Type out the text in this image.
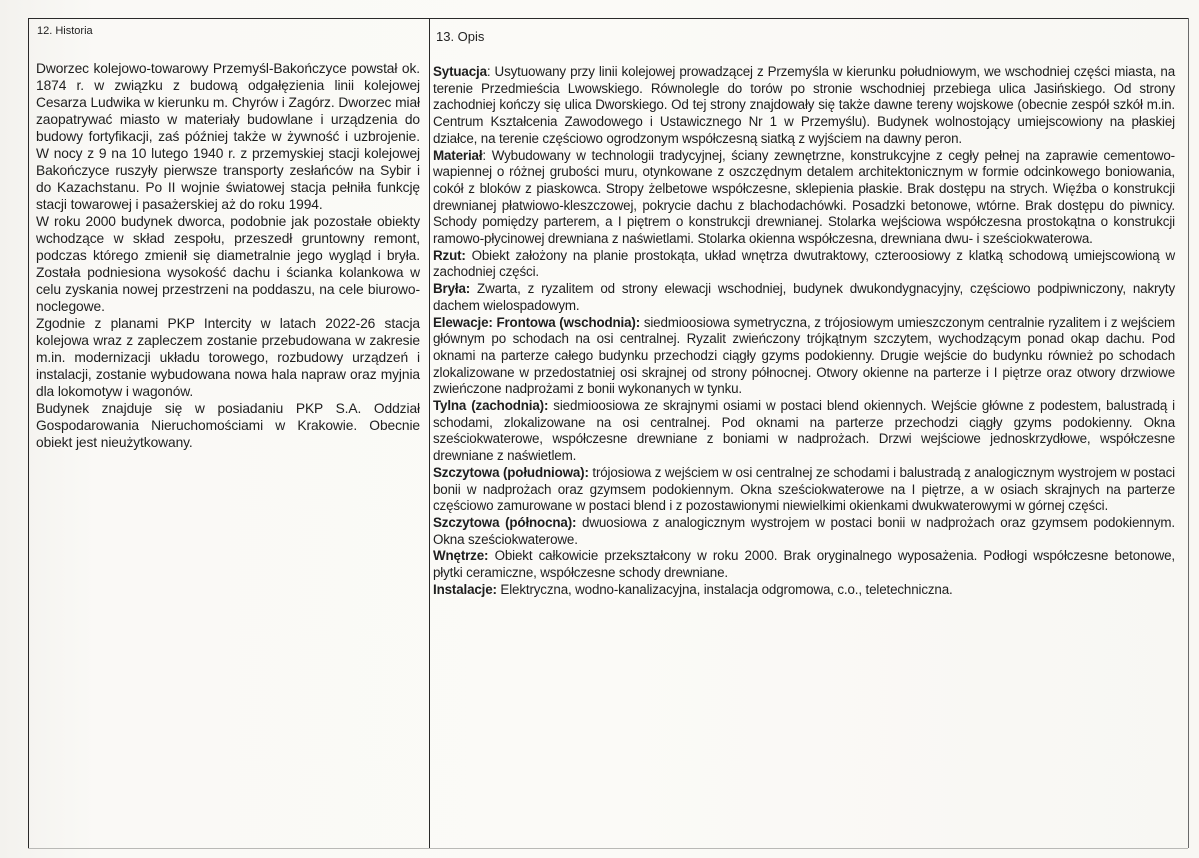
12. Historia	13. Opis

Dworzec kolejowo-towarowy Przemyśl-Bakończyce powstał ok. 1874 r. w związku z budową odgałęzienia linii kolejowej Cesarza Ludwika w kierunku m. Chyrów i Zagórz. Dworzec miał zaopatrywać miasto w materiały budowlane i urządzenia do budowy fortyfikacji, zaś później także w żywność i uzbrojenie. W nocy z 9 na 10 lutego 1940 r. z przemyskiej stacji kolejowej Bakończyce ruszyły pierwsze transporty zesłańców na Sybir i do Kazachstanu. Po II wojnie światowej stacja pełniła funkcję stacji towarowej i pasażerskiej aż do roku 1994.

W roku 2000 budynek dworca, podobnie jak pozostałe obiekty wchodzące w skład zespołu, przeszedł gruntowny remont, podczas którego zmienił się diametralnie jego wygląd i bryła. Została podniesiona wysokość dachu i ścianka kolankowa w celu zyskania nowej przestrzeni na poddaszu, na cele biurowo-noclegowe.

Zgodnie z planami PKP Intercity w latach 2022-26 stacja kolejowa wraz z zapleczem zostanie przebudowana w zakresie m.in. modernizacji układu torowego, rozbudowy urządzeń i instalacji, zostanie wybudowana nowa hala napraw oraz myjnia dla lokomotyw i wagonów.

Budynek znajduje się w posiadaniu PKP S.A. Oddział Gospodarowania Nieruchomościami w Krakowie. Obecnie obiekt jest nieużytkowany.

Sytuacja: Usytuowany przy linii kolejowej prowadzącej z Przemyśla w kierunku południowym, we wschodniej części miasta, na terenie Przedmieścia Lwowskiego. Równolegle do torów po stronie wschodniej przebiega ulica Jasińskiego. Od strony zachodniej kończy się ulica Dworskiego. Od tej strony znajdowały się także dawne tereny wojskowe (obecnie zespół szkół m.in. Centrum Kształcenia Zawodowego i Ustawicznego Nr 1 w Przemyślu). Budynek wolnostojący umiejscowiony na płaskiej działce, na terenie częściowo ogrodzonym współczesną siatką z wyjściem na dawny peron.

Materiał: Wybudowany w technologii tradycyjnej, ściany zewnętrzne, konstrukcyjne z cegły pełnej na zaprawie cementowo-wapiennej o różnej grubości muru, otynkowane z oszczędnym detalem architektonicznym w formie odcinkowego boniowania, cokół z bloków z piaskowca. Stropy żelbetowe współczesne, sklepienia płaskie. Brak dostępu na strych. Więźba o konstrukcji drewnianej płatwiowo-kleszczowej, pokrycie dachu z blachodachówki. Posadzki betonowe, wtórne. Brak dostępu do piwnicy. Schody pomiędzy parterem, a I piętrem o konstrukcji drewnianej. Stolarka wejściowa współczesna prostokątna o konstrukcji ramowo-płycinowej drewniana z naświetlami. Stolarka okienna współczesna, drewniana dwu- i sześciokwaterowa.

Rzut: Obiekt założony na planie prostokąta, układ wnętrza dwutraktowy, czteroosiowy z klatką schodową umiejscowioną w zachodniej części.

Bryła: Zwarta, z ryzalitem od strony elewacji wschodniej, budynek dwukondygnacyjny, częściowo podpiwniczony, nakryty dachem wielospadowym.

Elewacje: Frontowa (wschodnia): siedmioosiowa symetryczna, z trójosiowym umieszczonym centralnie ryzalitem i z wejściem głównym po schodach na osi centralnej. Ryzalit zwieńczony trójkątnym szczytem, wychodzącym ponad okap dachu. Pod oknami na parterze całego budynku przechodzi ciągły gzyms podokienny. Drugie wejście do budynku również po schodach zlokalizowane w przedostatniej osi skrajnej od strony północnej. Otwory okienne na parterze i I piętrze oraz otwory drzwiowe zwieńczone nadprożami z bonii wykonanych w tynku.

Tylna (zachodnia): siedmioosiowa ze skrajnymi osiami w postaci blend okiennych. Wejście główne z podestem, balustradą i schodami, zlokalizowane na osi centralnej. Pod oknami na parterze przechodzi ciągły gzyms podokienny. Okna sześciokwaterowe, współczesne drewniane z boniami w nadprożach. Drzwi wejściowe jednoskrzydłowe, współczesne drewniane z naświetlem.

Szczytowa (południowa): trójosiowa z wejściem w osi centralnej ze schodami i balustradą z analogicznym wystrojem w postaci bonii w nadprożach oraz gzymsem podokiennym. Okna sześciokwaterowe na I piętrze, a w osiach skrajnych na parterze częściowo zamurowane w postaci blend i z pozostawionymi niewielkimi okienkami dwukwaterowymi w górnej części.

Szczytowa (północna): dwuosiowa z analogicznym wystrojem w postaci bonii w nadprożach oraz gzymsem podokiennym. Okna sześciokwaterowe.

Wnętrze: Obiekt całkowicie przekształcony w roku 2000. Brak oryginalnego wyposażenia. Podłogi współczesne betonowe, płytki ceramiczne, współczesne schody drewniane.

Instalacje: Elektryczna, wodno-kanalizacyjna, instalacja odgromowa, c.o., teletechniczna.
